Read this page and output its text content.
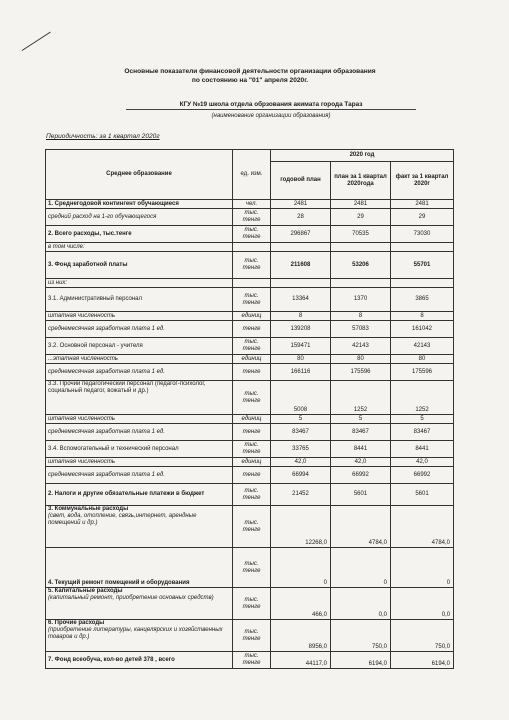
Основные показатели финансовой деятельности организации образования
по состоянию на "01" апреля 2020г.
КГУ №19 школа отдела обрзования акимата города Тараз
(наименование организации образования)
Периодичность: за 1 квартал 2020г
Среднее образование	ед. изм.	2020 год		
		годовой план	план за 1 квартал 2020года	факт за 1 квартал 2020г
1. Среднегодовой контингент обучающиеся	чел.	2481	2481	2481
средний расход на 1-го обучающегося	тыс. тенге	28	29	29
2. Всего расходы, тыс.тенге	тыс. тенге	296867	70535	73030
в том числе:				
3. Фонд заработной платы	тыс. тенге	211608	53206	55701
из них:				
3.1. Административный персонал	тыс. тенге	13364	1370	3865
штатная численность	единиц	8	8	8
среднемесячная заработная плата 1 ед.	тенге	139208	57083	161042
3.2. Основной персонал - учителя	тыс. тенге	159471	42143	42143
...этатная численность	единиц	80	80	80
среднемесячная заработная плата 1 ед.	тенге	166116	175596	175596
3.3. Прочий педагогический персонал (педагог-психолог, социальный педагог, вожатый и др.)	тыс. тенге	5008	1252	1252
штатная численность	единиц	5	5	5
среднемесячная заработная плата 1 ед.	тенге	83467	83467	83467
3.4. Вспомогательный и технический персонал	тыс. тенге	33765	8441	8441
штатная численность	единиц	42,0	42,0	42,0
среднемесячная заработная плата 1 ед.	тенге	66994	66992	66992
2. Налоги и другие обязательные платежи в бюджет	тыс. тенге	21452	5601	5601

3. Коммунальные расходы
(свет, вода, отопление, связь,интернет, арендные помещений и др.)	тыс. тенге	12268,0	4784,0	4784,0
4. Текущий ремонт помещений и оборудования	тыс. тенге	0	0	0

5. Капитальные расходы
(капитальный ремонт, приобретение основных средств)	тыс. тенге	466,0	0,0	0,0

6. Прочие расходы
(приобретение литературы, канцелярских и хозяйственных товаров и др.)	тыс. тенге	8956,0	750,0	750,0
7. Фонд всеобуча, кол-во детей 378 , всего	тыс. тенге	44117,0	6194,0	6194,0
